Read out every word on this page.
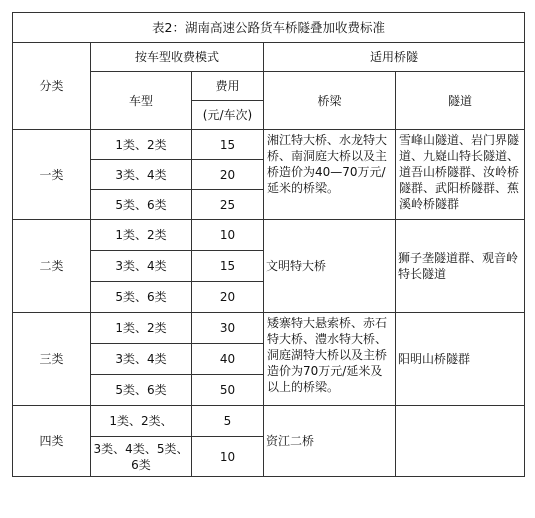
表2：湖南高速公路货车桥隧叠加收费标准				
分类	按车型收费模式		适用桥隧	
	车型	费用	桥梁	隧道
		(元/车次)		
一类	1类、2类	15	湘江特大桥、水龙特大桥、南洞庭大桥以及主桥造价为40—70万元/延米的桥梁。	雪峰山隧道、岩门界隧道、九嶷山特长隧道、道吾山桥隧群、汝岭桥隧群、武阳桥隧群、蕉溪岭桥隧群
	3类、4类	20		
	5类、6类	25		
二类	1类、2类	10	文明特大桥	狮子垄隧道群、观音岭特长隧道
	3类、4类	15		
	5类、6类	20		
三类	1类、2类	30	矮寨特大悬索桥、赤石特大桥、澧水特大桥、洞庭湖特大桥以及主桥造价为70万元/延米及以上的桥梁。	阳明山桥隧群
	3类、4类	40		
	5类、6类	50		
四类	1类、2类、	5	资江二桥	
	3类、4类、5类、6类	10		
